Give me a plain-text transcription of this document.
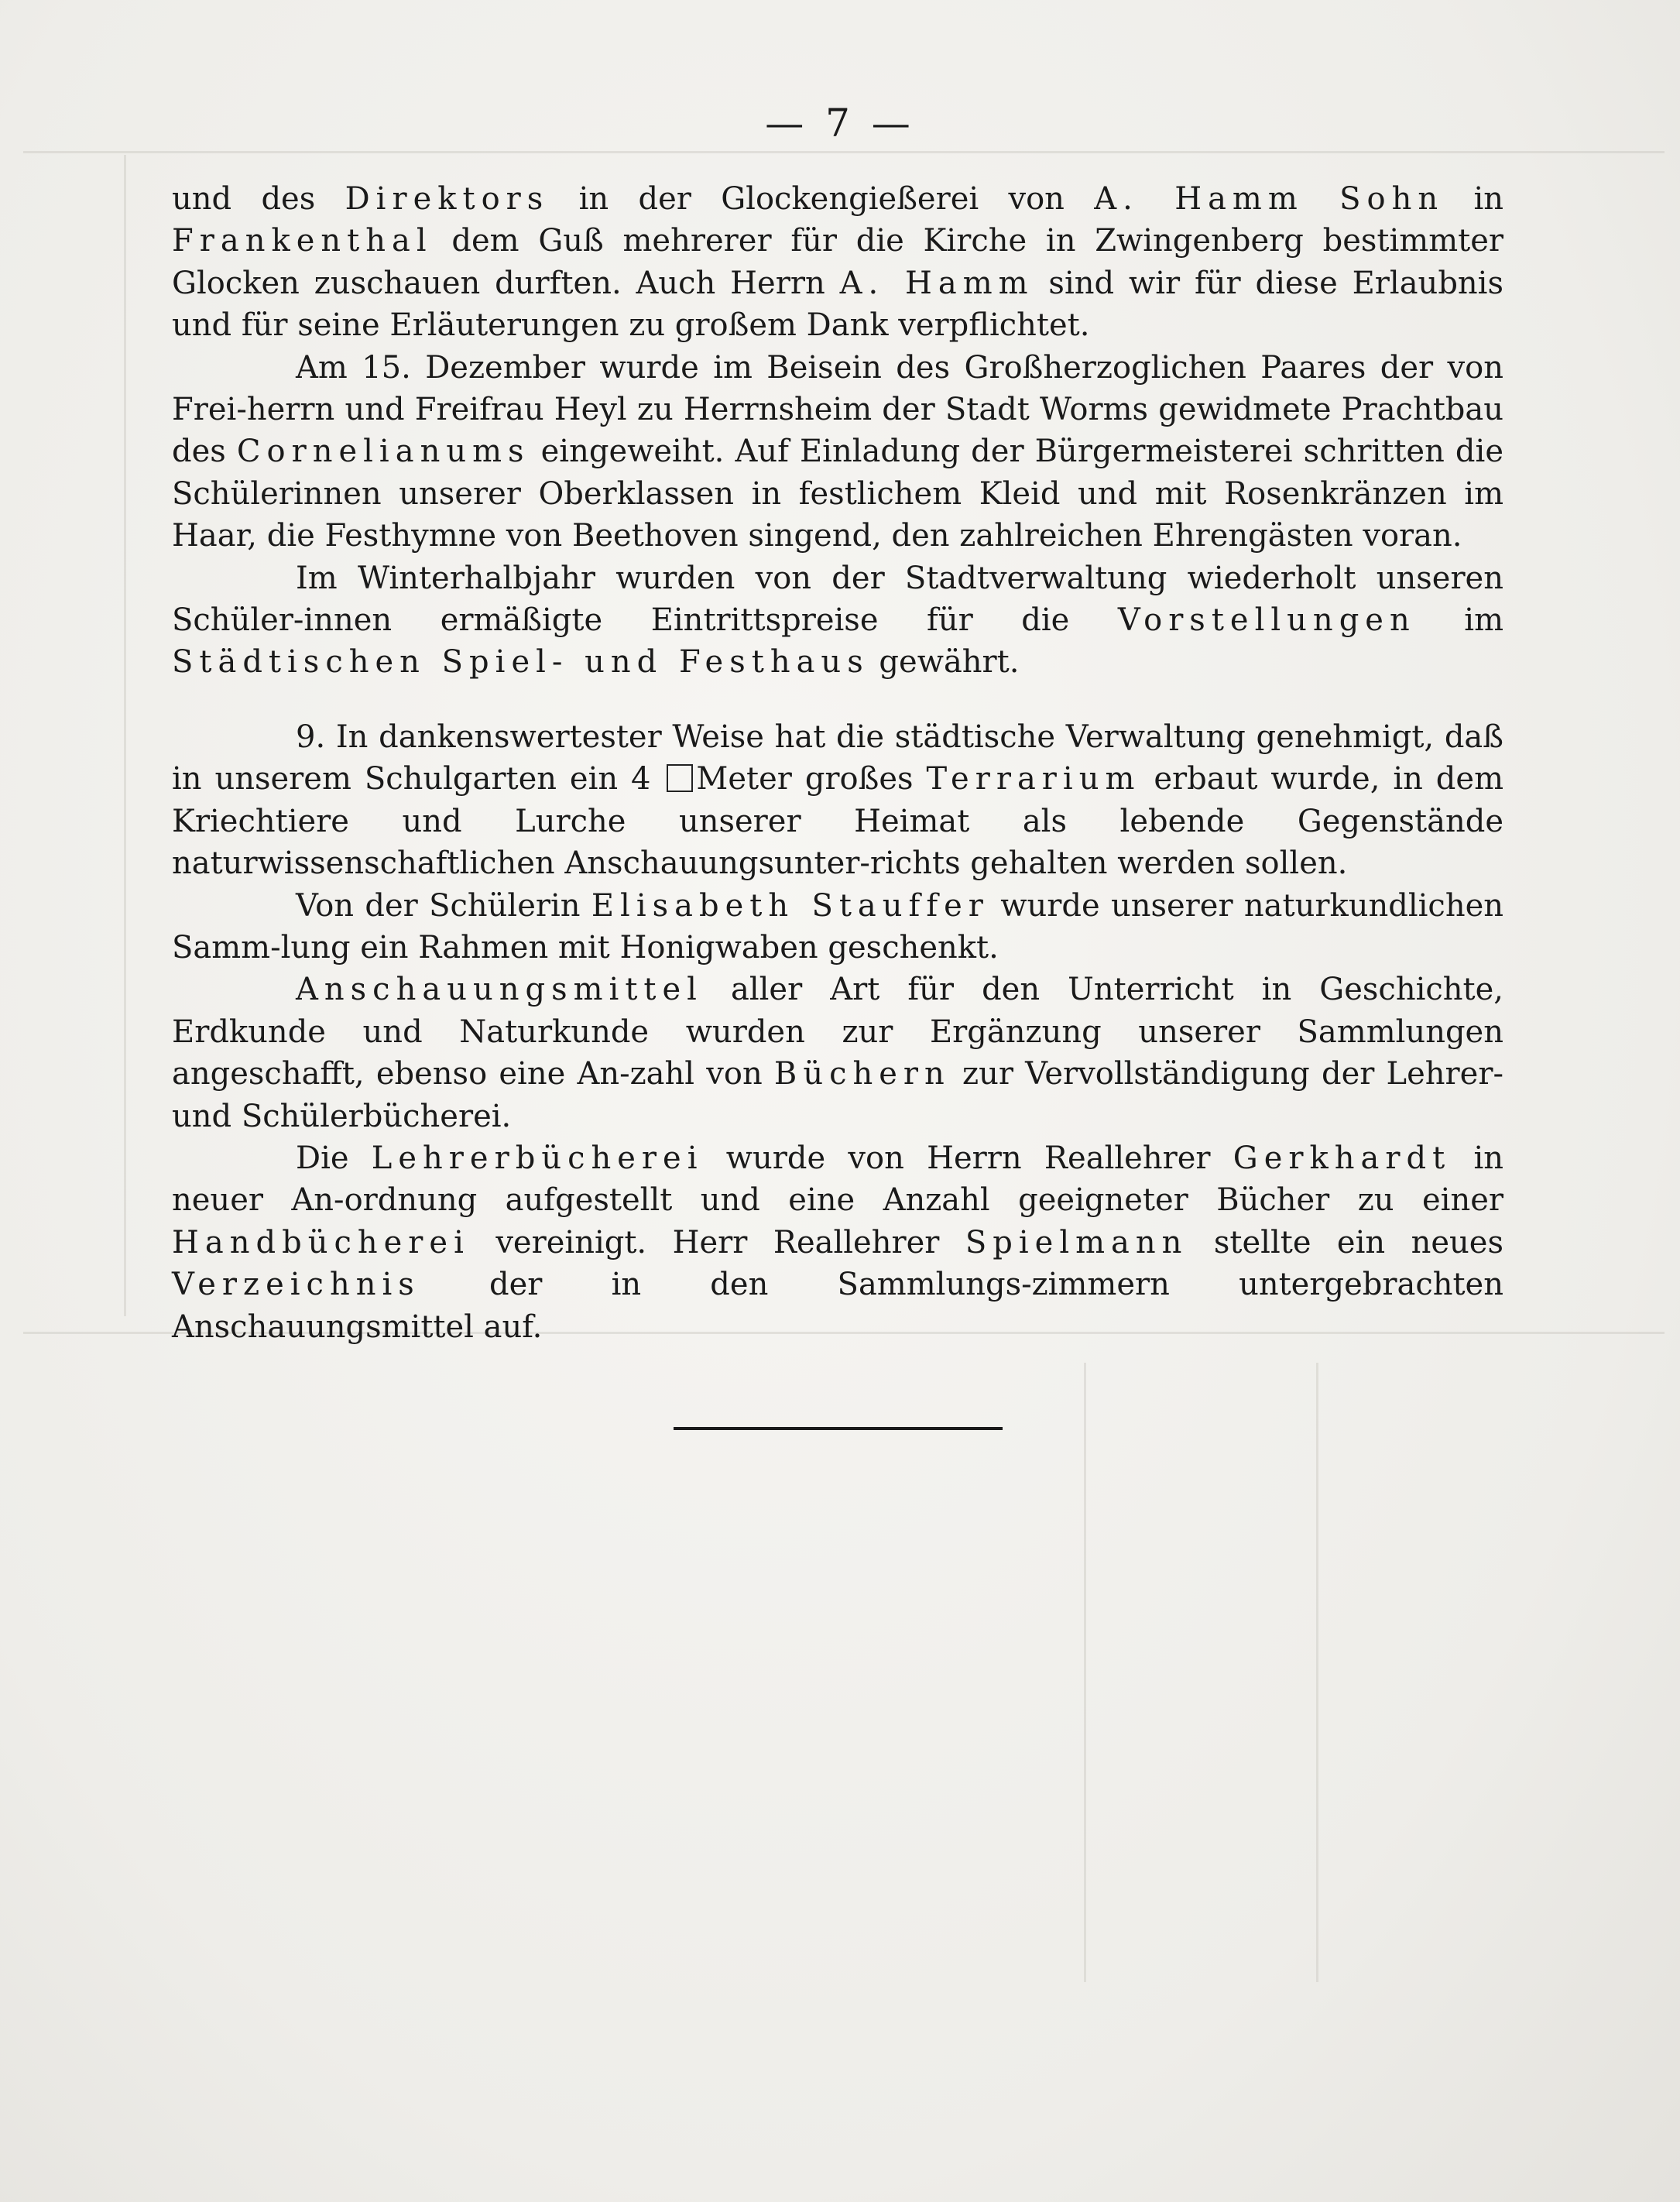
— 7 —

und des Direktors in der Glockengießerei von A. Hamm Sohn in Frankenthal dem Guß mehrerer für die Kirche in Zwingenberg bestimmter Glocken zuschauen durften. Auch Herrn A. Hamm sind wir für diese Erlaubnis und für seine Erläuterungen zu großem Dank verpflichtet.

Am 15. Dezember wurde im Beisein des Großherzoglichen Paares der von Frei-herrn und Freifrau Heyl zu Herrnsheim der Stadt Worms gewidmete Prachtbau des Cornelianums eingeweiht. Auf Einladung der Bürgermeisterei schritten die Schülerinnen unserer Oberklassen in festlichem Kleid und mit Rosenkränzen im Haar, die Festhymne von Beethoven singend, den zahlreichen Ehrengästen voran.

Im Winterhalbjahr wurden von der Stadtverwaltung wiederholt unseren Schüler-innen ermäßigte Eintrittspreise für die Vorstellungen im Städtischen Spiel- und Festhaus gewährt.

9. In dankenswertester Weise hat die städtische Verwaltung genehmigt, daß in unserem Schulgarten ein 4 Meter großes Terrarium erbaut wurde, in dem Kriechtiere und Lurche unserer Heimat als lebende Gegenstände naturwissenschaftlichen Anschauungsunter-richts gehalten werden sollen.

Von der Schülerin Elisabeth Stauffer wurde unserer naturkundlichen Samm-lung ein Rahmen mit Honigwaben geschenkt.

Anschauungsmittel aller Art für den Unterricht in Geschichte, Erdkunde und Naturkunde wurden zur Ergänzung unserer Sammlungen angeschafft, ebenso eine An-zahl von Büchern zur Vervollständigung der Lehrer- und Schülerbücherei.

Die Lehrerbücherei wurde von Herrn Reallehrer Gerkhardt in neuer An-ordnung aufgestellt und eine Anzahl geeigneter Bücher zu einer Handbücherei vereinigt. Herr Reallehrer Spielmann stellte ein neues Verzeichnis der in den Sammlungs-zimmern untergebrachten Anschauungsmittel auf.
